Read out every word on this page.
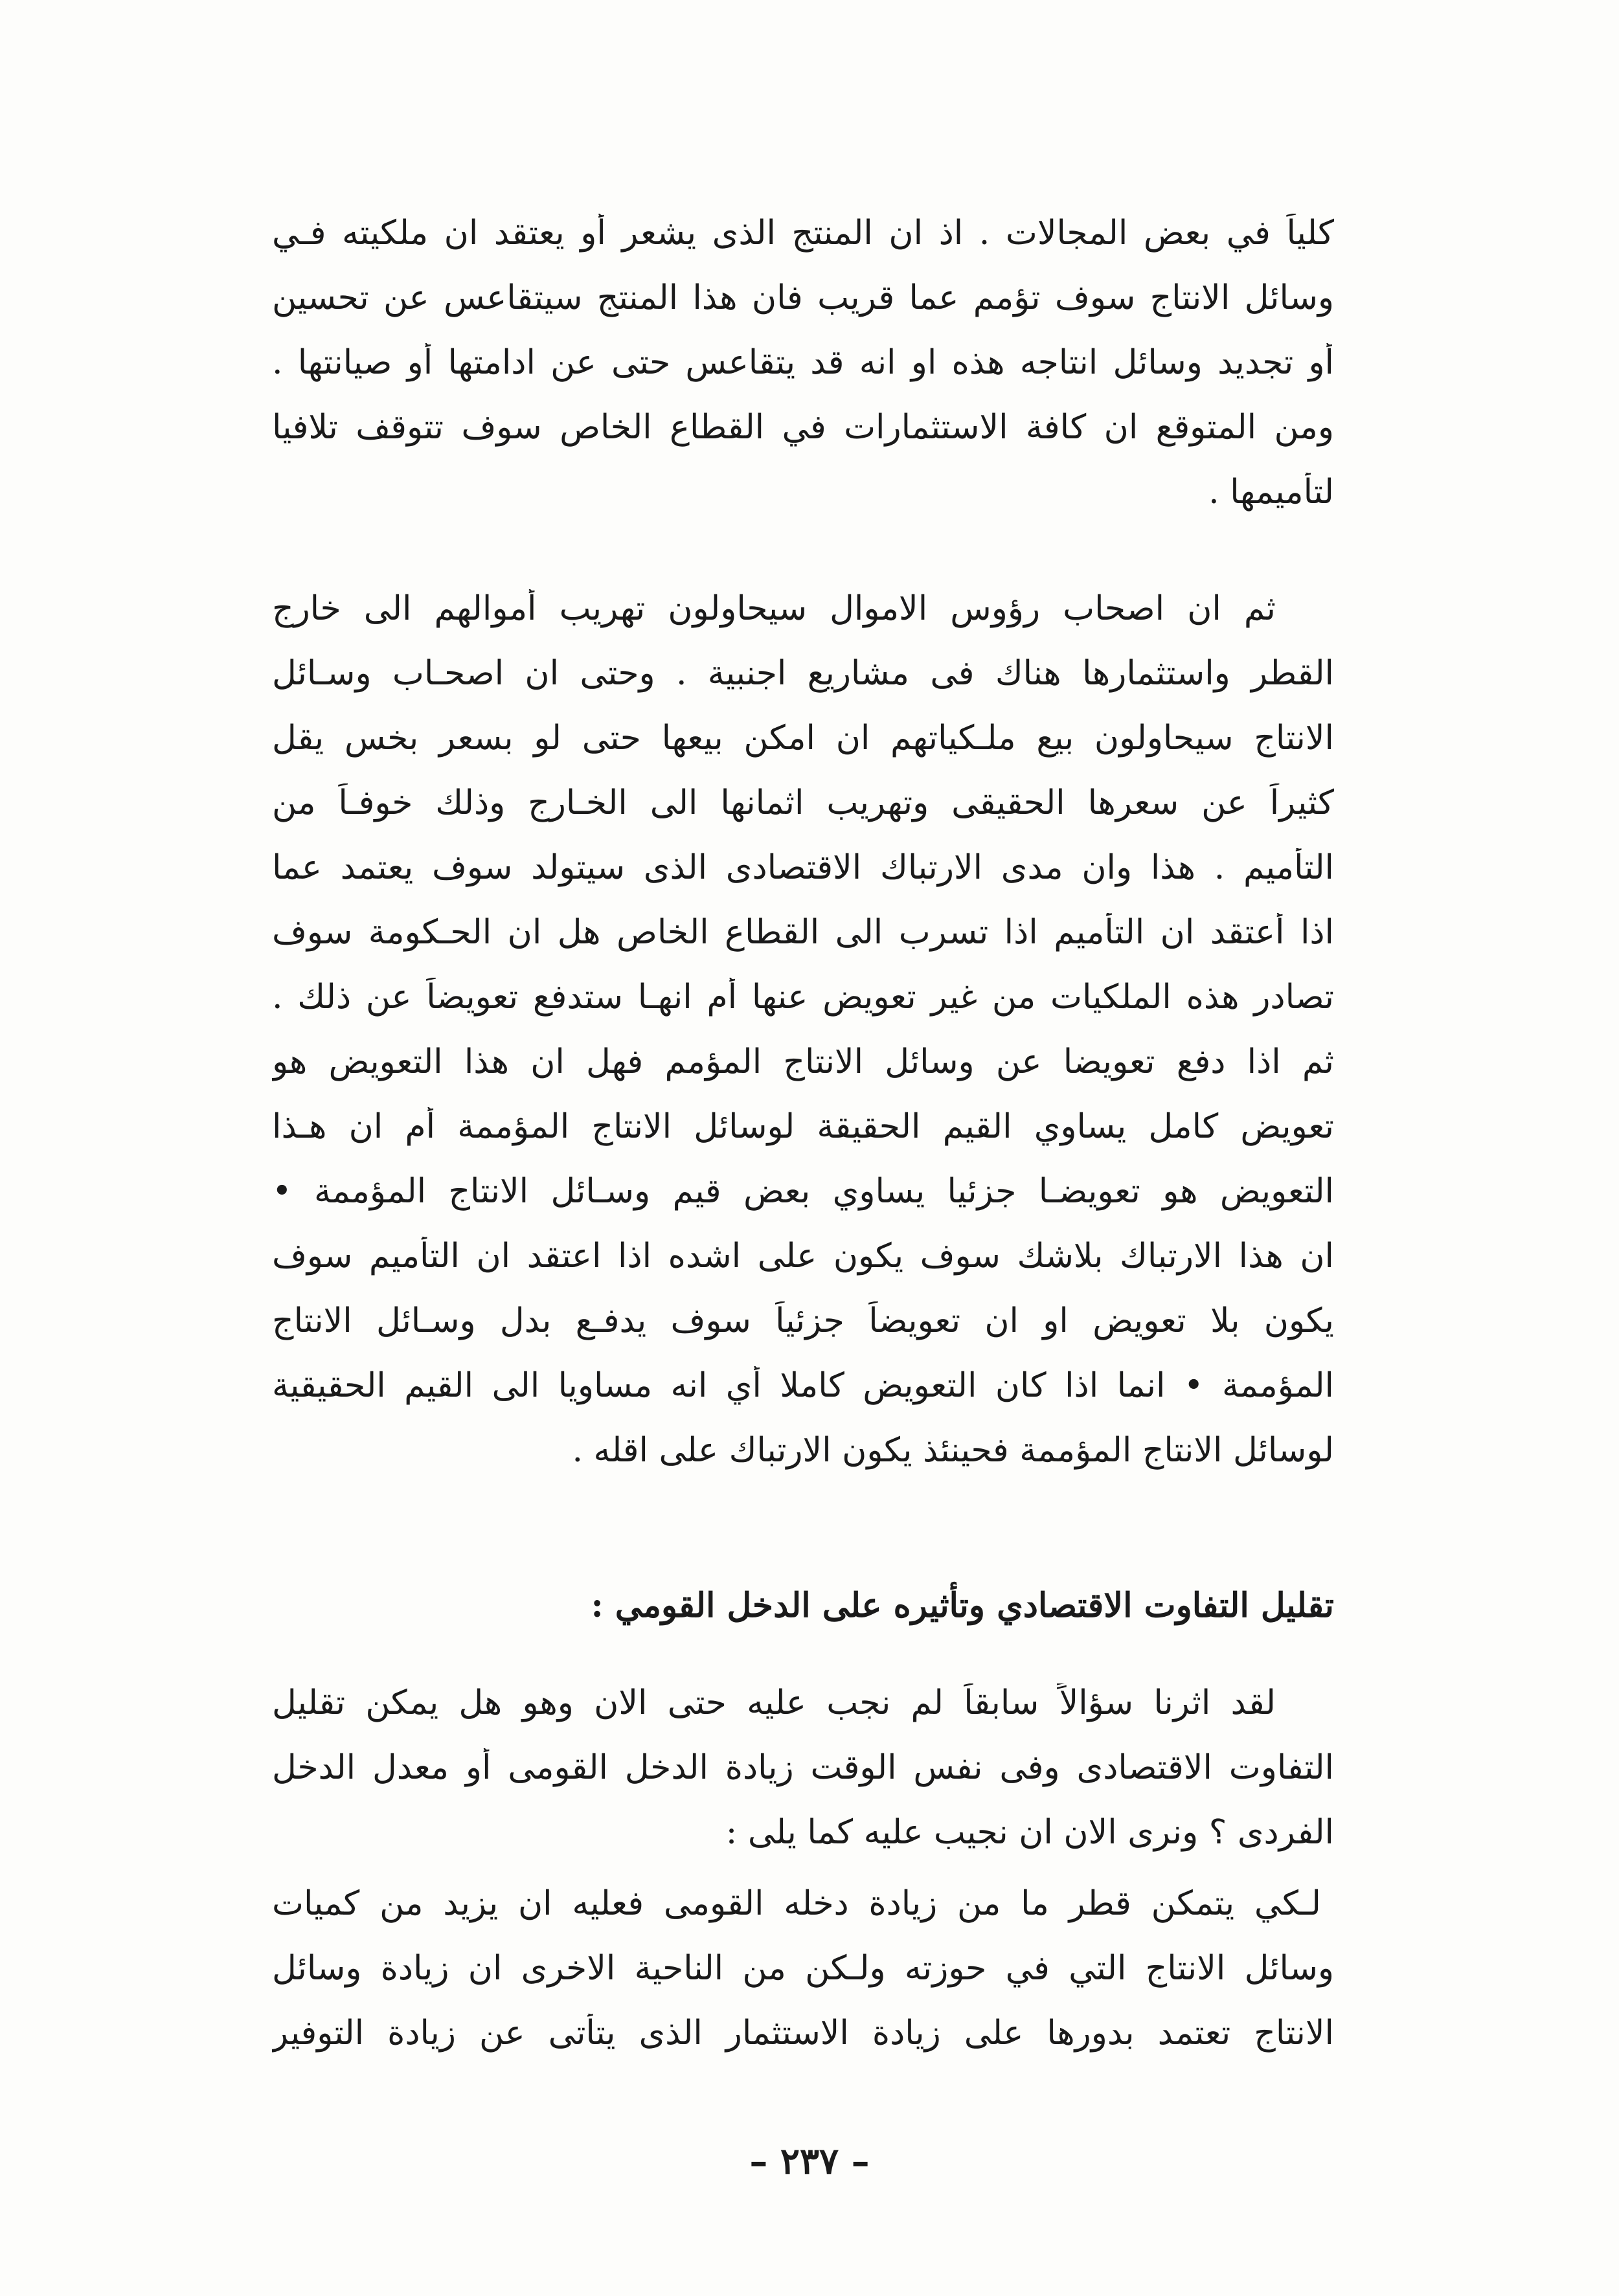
كلياً في بعض المجالات . اذ ان المنتج الذى يشعر أو يعتقد ان ملكيته فـي
وسائل الانتاج سوف تؤمم عما قريب فان هذا المنتج سيتقاعس عن تحسين
أو تجديد وسائل انتاجه هذه او انه قد يتقاعس حتى عن ادامتها أو صيانتها .
ومن المتوقع ان كافة الاستثمارات في القطاع الخاص سوف تتوقف تلافيا
لتأميمها .
ثم ان اصحاب رؤوس الاموال سيحاولون تهريب أموالهم الى خارج
القطر واستثمارها هناك فى مشاريع اجنبية . وحتى ان اصحـاب وسـائل
الانتاج سيحاولون بيع ملـكياتهم ان امكن بيعها حتى لو بسعر بخس يقل
كثيراً عن سعرها الحقيقى وتهريب اثمانها الى الخـارج وذلك خوفـاً من
التأميم . هذا وان مدى الارتباك الاقتصادى الذى سيتولد سوف يعتمد عما
اذا أُعتقد ان التأميم اذا تسرب الى القطاع الخاص هل ان الحـكومة سوف
تصادر هذه الملكيات من غير تعويض عنها أم انهـا ستدفع تعويضاً عن ذلك .
ثم اذا دفع تعويضا عن وسائل الانتاج المؤمم فهل ان هذا التعويض هو
تعويض كامل يساوي القيم الحقيقة لوسائل الانتاج المؤممة أم ان هـذا
التعويض هو تعويضـا جزئيا يساوي بعض قيم وسـائل الانتاج المؤممة •
ان هذا الارتباك بلاشك سوف يكون على اشده اذا اعتقد ان التأميم سوف
يكون بلا تعويض او ان تعويضاً جزئياً سوف يدفـع بدل وسـائل الانتاج
المؤممة • انما اذا كان التعويض كاملا أي انه مساويا الى القيم الحقيقية
لوسائل الانتاج المؤممة فحينئذ يكون الارتباك على اقله .
تقليل التفاوت الاقتصادي وتأثيره على الدخل القومي :
لقد اثرنا سؤالاً سابقاً لم نجب عليه حتى الان وهو هل يمكن تقليل
التفاوت الاقتصادى وفى نفس الوقت زيادة الدخل القومى أو معدل الدخل
الفردى ؟ ونرى الان ان نجيب عليه كما يلى :
لـكي يتمكن قطر ما من زيادة دخله القومى فعليه ان يزيد من كميات
وسائل الانتاج التي في حوزته ولـكن من الناحية الاخرى ان زيادة وسائل
الانتاج تعتمد بدورها على زيادة الاستثمار الذى يتأتى عن زيادة التوفير
– ٢٣٧ –
